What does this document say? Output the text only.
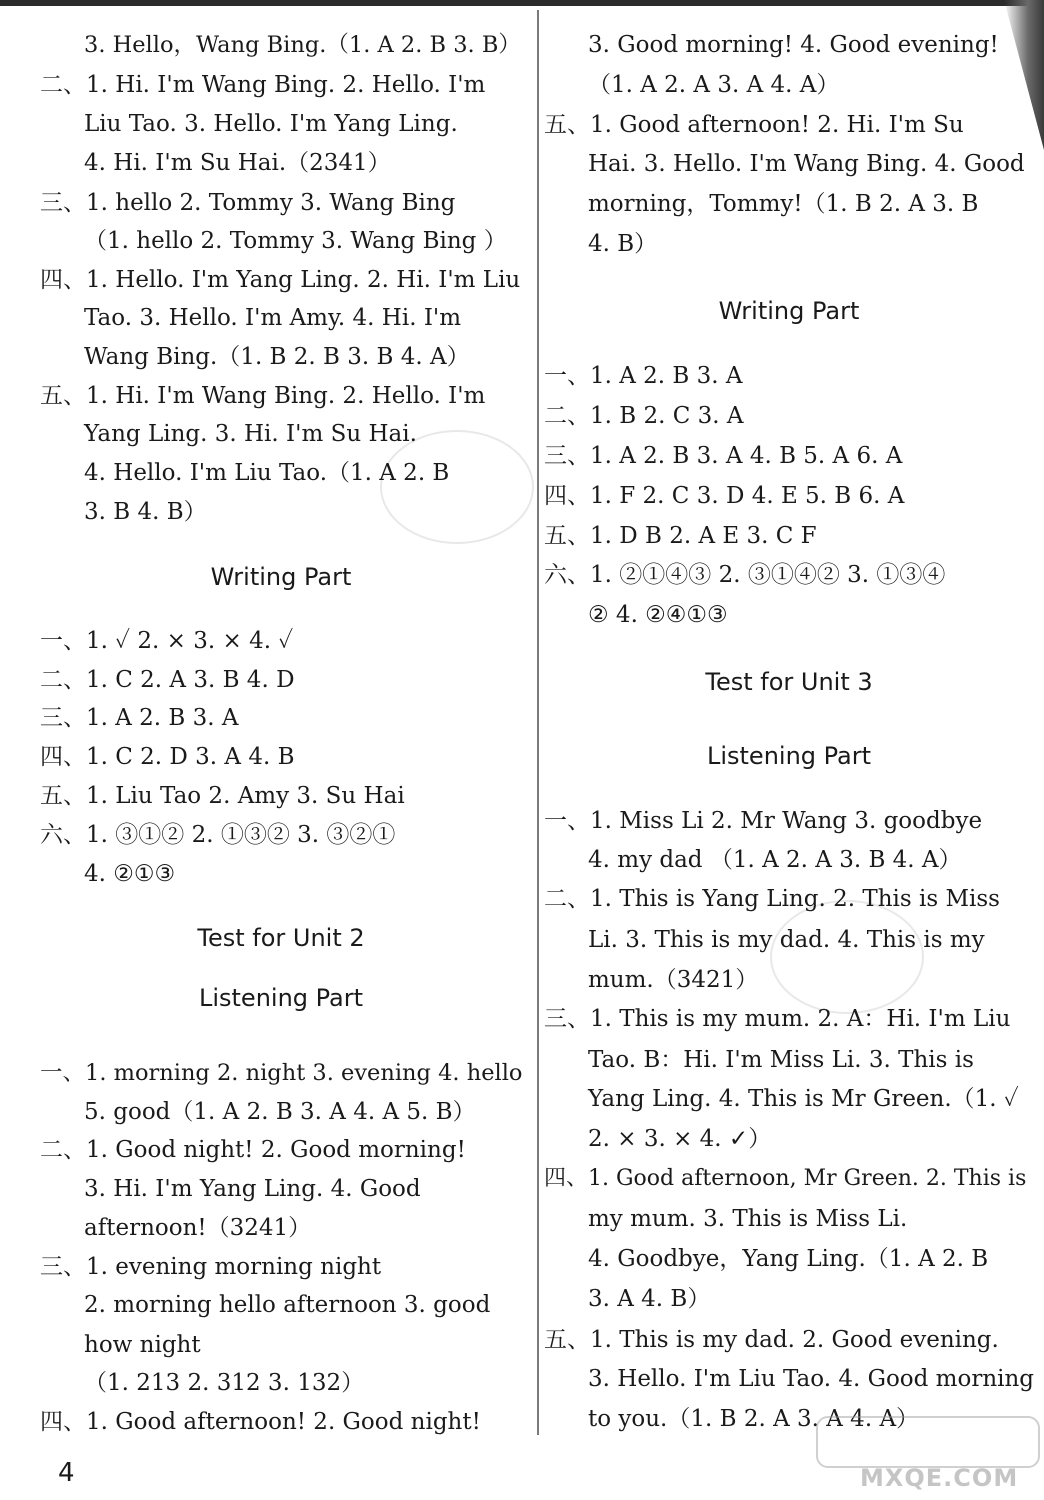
3. Hello，Wang Bing.（1. A 2. B 3. B）
二、1. Hi. I'm Wang Bing. 2. Hello. I'm
Liu Tao. 3. Hello. I'm Yang Ling.
4. Hi. I'm Su Hai.（2341）
三、1. hello 2. Tommy 3. Wang Bing
（1. hello 2. Tommy 3. Wang Bing ）
四、1. Hello. I'm Yang Ling. 2. Hi. I'm Liu
Tao. 3. Hello. I'm Amy. 4. Hi. I'm
Wang Bing.（1. B 2. B 3. B 4. A）
五、1. Hi. I'm Wang Bing. 2. Hello. I'm
Yang Ling. 3. Hi. I'm Su Hai.
4. Hello. I'm Liu Tao.（1. A 2. B
3. B 4. B）
Writing Part
一、1. ✓ 2. × 3. × 4. ✓
二、1. C 2. A 3. B 4. D
三、1. A 2. B 3. A
四、1. C 2. D 3. A 4. B
五、1. Liu Tao 2. Amy 3. Su Hai
六、1. ③①② 2. ①③② 3. ③②①
4. ②①③
Test for Unit 2
Listening Part
一、1. morning 2. night 3. evening 4. hello
5. good（1. A 2. B 3. A 4. A 5. B）
二、1. Good night! 2. Good morning!
3. Hi. I'm Yang Ling. 4. Good
afternoon!（3241）
三、1. evening morning night
2. morning hello afternoon 3. good
how night
（1. 213 2. 312 3. 132）
四、1. Good afternoon! 2. Good night!
3. Good morning! 4. Good evening!
（1. A 2. A 3. A 4. A）
五、1. Good afternoon! 2. Hi. I'm Su
Hai. 3. Hello. I'm Wang Bing. 4. Good
morning，Tommy!（1. B 2. A 3. B
4. B）
Writing Part
一、1. A 2. B 3. A
二、1. B 2. C 3. A
三、1. A 2. B 3. A 4. B 5. A 6. A
四、1. F 2. C 3. D 4. E 5. B 6. A
五、1. D B 2. A E 3. C F
六、1. ②①④③ 2. ③①④② 3. ①③④
② 4. ②④①③
Test for Unit 3
Listening Part
一、1. Miss Li 2. Mr Wang 3. goodbye
4. my dad （1. A 2. A 3. B 4. A）
二、1. This is Yang Ling. 2. This is Miss
Li. 3. This is my dad. 4. This is my
mum.（3421）
三、1. This is my mum. 2. A：Hi. I'm Liu
Tao. B：Hi. I'm Miss Li. 3. This is
Yang Ling. 4. This is Mr Green.（1. ✓
2. × 3. × 4. ✓）
四、1. Good afternoon, Mr Green. 2. This is
my mum. 3. This is Miss Li.
4. Goodbye，Yang Ling.（1. A 2. B
3. A 4. B）
五、1. This is my dad. 2. Good evening.
3. Hello. I'm Liu Tao. 4. Good morning
to you.（1. B 2. A 3. A 4. A）
4	MXQE.COM
